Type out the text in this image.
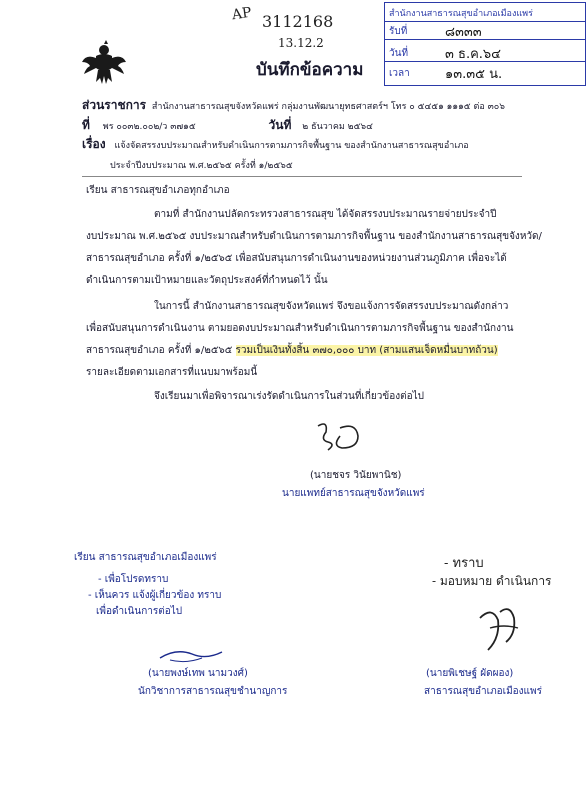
AP 3112168
13.12.2
บันทึกข้อความ
สำนักงานสาธารณสุขอำเภอเมืองแพร่
รับที่	๘๓๓๓
วันที่	๓ ธ.ค.๖๔
เวลา	๑๓.๓๕ น.
ส่วนราชการ สำนักงานสาธารณสุขจังหวัดแพร่ กลุ่มงานพัฒนายุทธศาสตร์ฯ โทร ๐ ๕๔๕๑ ๑๑๑๕ ต่อ ๓๐๖
ที่ พร ๐๐๓๒.๐๐๒/ว ๓๗๑๕	วันที่ ๒ ธันวาคม ๒๕๖๔
เรื่อง แจ้งจัดสรรงบประมาณสำหรับดำเนินการตามภารกิจพื้นฐาน ของสำนักงานสาธารณสุขอำเภอ
ประจำปีงบประมาณ พ.ศ.๒๕๖๕ ครั้งที่ ๑/๒๕๖๕
เรียน สาธารณสุขอำเภอทุกอำเภอ
ตามที่ สำนักงานปลัดกระทรวงสาธารณสุข ได้จัดสรรงบประมาณรายจ่ายประจำปี
งบประมาณ พ.ศ.๒๕๖๕ งบประมาณสำหรับดำเนินการตามภารกิจพื้นฐาน ของสำนักงานสาธารณสุขจังหวัด/
สาธารณสุขอำเภอ ครั้งที่ ๑/๒๕๖๕ เพื่อสนับสนุนการดำเนินงานของหน่วยงานส่วนภูมิภาค เพื่อจะได้
ดำเนินการตามเป้าหมายและวัตถุประสงค์ที่กำหนดไว้ นั้น
ในการนี้ สำนักงานสาธารณสุขจังหวัดแพร่ จึงขอแจ้งการจัดสรรงบประมาณดังกล่าว
เพื่อสนับสนุนการดำเนินงาน ตามยอดงบประมาณสำหรับดำเนินการตามภารกิจพื้นฐาน ของสำนักงาน
สาธารณสุขอำเภอ ครั้งที่ ๑/๒๕๖๕ รวมเป็นเงินทั้งสิ้น ๓๗๐,๐๐๐ บาท (สามแสนเจ็ดหมื่นบาทถ้วน)
รายละเอียดตามเอกสารที่แนบมาพร้อมนี้
จึงเรียนมาเพื่อพิจารณาเร่งรัดดำเนินการในส่วนที่เกี่ยวข้องต่อไป
(นายชจร วินัยพานิช)
นายแพทย์สาธารณสุขจังหวัดแพร่
เรียน สาธารณสุขอำเภอเมืองแพร่
- เพื่อโปรดทราบ
- เห็นควร แจ้งผู้เกี่ยวข้อง ทราบ
เพื่อดำเนินการต่อไป
(นายพงษ์เทพ นามวงศ์)
นักวิชาการสาธารณสุขชำนาญการ
- ทราบ
- มอบหมาย ดำเนินการ
(นายพิเชษฐ์ ผัดผอง)
สาธารณสุขอำเภอเมืองแพร่
